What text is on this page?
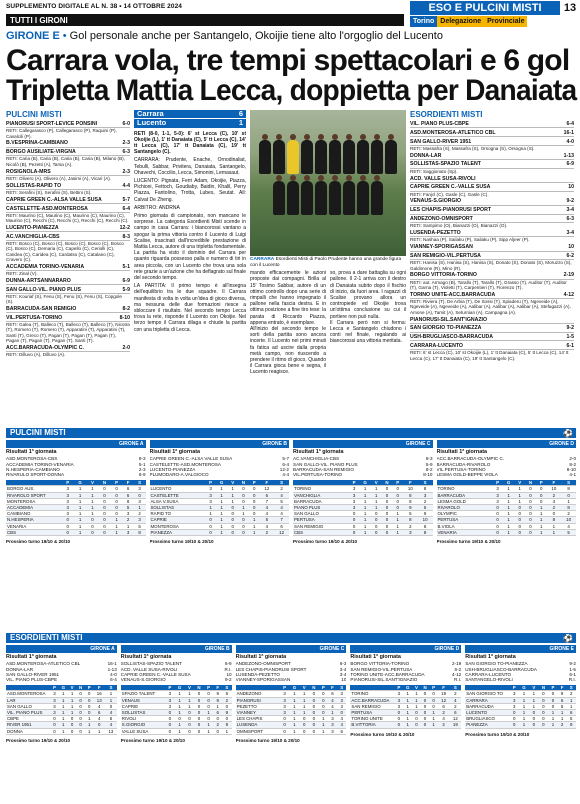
SUPPLEMENTO DIGITALE AL N. 38 • 14 OTTOBRE 2024
TUTTI I GIRONI
ESO E PULCINI MISTI	13
Torino Delegazione Provinciale
GIRONE E • Gol personale anche per Santangelo, Okoijie tiene alto l'orgoglio del Lucento
Carrara vola, tre tempi spettacolari e 6 gol
Tripletta Mattia Lecca, doppietta per Danaiata
PULCINI MISTI
PIANORUSI SPORT-LEVICE PONSINI	6-0
RETI: Callegarasco (P), Callegarasco (P), Raquini (P), Cavalcili (P).
B.VESPRINA-CAMBIANO	2-3
BORGO AUSILIATE-VIRGNA	6-3
RETI: Caria (B), Caria (B), Caria (B), Caria (B), Milano (B), Nicolò (B), Pezetti (A), Tarsa (A).
ROSIGNOLA-MRS	2-3
RETI: Olivero (A), Olivero (A), Jasimi (A), Vicari (A).
SOLLISTAS-RAPID TO	4-4
RETI: Serafini (S), Serafini (S), Bettini (S).
CAPRIE GREEN C.-ALSA VALLE SUSA	5-7
CASTELETTE-ASD.MONTEROSA	6-4
RETI: Maurino (C), Maurino (C), Maurino (C), Maurino (C), Maurino (C), Recchi (C), Recchi (C), Recchi (C), Recchi (C).
LUCENTO-PIANEZZA	12-2
AC.VANCHIGLIA-CBS	8-3
RETI: Bosco (C), Bosco (C), Bosco (C), Bosco (C), Bosco (C), Bosco (C), Demaria (C), Capello (C), Ceriolli (C), Caridea (C), Caridea (C), Cardatso (C), Catalano (C), Cravero (C).
ACCADEMIA TORINO-VENARIA	5-1
RETI: Zinal (V).
DUNNA-ARTSANNARARO	6-9
SAN GALLO-VIL. PIANO PLUS	5-9
RETI: Kouriaf (S), Fenu (S), Fenu (S), Fenu (S), Copgole (S).
BARRACUDA-SAN REMIGIO	8-2
VIL.PERTUSA-TORINO	8-10
RETI: Galea (T), Balleco (T), Balleco (T), Balleco (T), Nicotra (T), Romero (T), Romero (T), Apparatini (T), Apparatini (T), Santi (T), Greco (T), Pagan (T), Pagan (T), Pagan (T), Pagan (T), Pagan (T), Pagan (T), Santi (T).
ACC.BARRACUDA-OLYMPIC C.	2-0
RETI: Dilluvo (A), Dilluvo (A).
Carrara	6
Lucento	1
RETI (8-0, 1-1, 5-0): 6' st Lecca (C), 10' st Okoijie (L), 1' tt Danaiata (C), 5' tt Lecca (C), 14' tt Lecca (C), 17' tt Danaiata (C), 19' tt Santangelo (C).
CARRARA: Prudente, Enache, Ornodinaliat, Tebulli, Sabbar, Privitera, Danaiata, Santangelo, Ohavechi, Coccilio, Lecca, Simonini, Lemasaut.
LUCENTO: Pignata, Ferri Adam, Okoijie, Piazza, Pichioni, Fettoch, Goudiaby, Baidin, Khalil, Perry Piazza, Fantolino, Trotta, Lubes, Seutat. All: Calvat De Zheng.
ARBITRO: ANDRNA
Primo giornata di campionato, non mancano le sorprese. La categoria Esordienti Misti scende in campo in casa Carrara: i biancorossi vantano a spogar la prima vittoria contro il Lucento di Luigi Scalise, trascinati dall'incredibile prestazione di Mattia Lecca, autore di una tripletta fondamentale. La partita ha visto il dominio del Carrara per quanto riguarda possesso palla e numero di tiri in area piccola, con un Lucento che trova una sola rete grazie a un'azione che ha deflagrato sul finale del secondo tempo.
LA PARTITA: Il primo tempo è all'insegna dell'equilibrio tra le due squadre. Il Carrara manifesta di volta in volta un'idea di gioco diversa, ma nessuna delle due formazioni riesce a sbloccare il risultato. Nel secondo tempo Lecca trova la rete, risponde il Lucento con Okoijie. Nel terzo tempo il Carrara dilaga e chiude la partita con una tripletta di Lecca.
CARRARA Esordienti Misti di Paolo Prudente hanno una grande figura con il Lucento

mando efficacemente le azioni proposte dai compagni. Brilla al 15' Tosimo Sabbar, autore di un ottimo controllo dopo una serie di rimpalli che hanno impegnato il pallone nella fascia destra. E in ottima posizione a fine tiro tese: la parata di Riccardo Piazza, appena entrato, è esemplare.

All'inizio del secondo tempo le sorti della partita sono ancora incerte. Il Lucento nei primi minuti fa fatica ad uscire dalla propria metà campo, non riuscendo a prendere il ritmo di gioco. Quando il Carrara gioca bene e segna, il Lucento reagisce.

so, prova a dare battaglia su ogni pallone. Il 2-1 arriva con il destro di Danaiata subito dopo il fischio di inizio, da fuori area. I ragazzi di Scalise provano allora un contropiede ed Okoijie trova un'ottima conclusione su cui il portiere non può nulla.

Il Carrara però non si ferma: Lecca e Santangelo chiudono i conti nel finale, regalando ai biancorossi una vittoria meritata.

ESORDIENTI MISTI
VIL. PIANO PLUS-CBPE	6-4
ASD.MONTEROSA-ATLETICO CBL	16-1
SAN GALLO-RIVER 1951	4-0
RETI: Massafra (S), Massafra (S), Orsogna (S), Orsogna (S).
DONNA-LAR	1-13
SOLLISTAS-SPAZIO TALENT	6-9
RETI: Saggionato (Sp).
ACD. VALLE SUSA-RIVOLI
CAPRIE GREEN C.-VALLE SUSA	10
RETI: Fanjcl (C), Gasle (C), Gasle (C).
VENAUS-S.GIORGIO	9-2
LES CHAPIS-PIANORUSI SPORT	3-4
ANDEZONO-OMNISPORT	6-3
RETI: Sampimo (O), Bianazzi (O), Bianazzi (O).
LUSENDA-PEZETTO	3-4
RETI: Nashaa (P), Sailaku (P), Sailaku (P), Sipp Aljeer (P).
VIANNEY-SPORIGASSAN	10
SAN REMIGIO-VIL.PERTUSA	6-2
RETI: Hanisa (S), Hanisa (S), Hanisa (S), Donato (S), Donato (S), Moruzzo (S), Galdimone (R), Mino (R).
BORGO VITTORIA-TORINO	2-19
RETI: aut. Armago (B), Tarallo (T), Tarallo (T), Grasso (T), Auditor (T), Auditor (T), Garna (T), Violetti (T), Carpentieri (T), Fiorenzo (T).
TORINO UNITE-ACC.BARRACUDA	4-12
RETI: Riviera (T), De Arbia (T), De Sossi (T), Spiaderu (T), Ngeveide (A), Ngeveide (A), Ngeveide (A), Aalibar (A), Aalibar (A), Aalibar (A), Stefagazzi (A), Amone (A), Tamit (A), Seturnian (A), Campagna (A).
PIANORUSI-SIL.SANT'IGNAZIO
SAN GIORGIO TO-PIANEZZA	9-2
USH-BRUGLIASCO-BARRACUDA	1-5
CARRARA-LUCENTO	6-1
RETI: 6' st Lecca (C), 10' st Okoijie (L), 1' tt Danaiata (C), 5' tt Lecca (C), 14' tt Lecca (C), 17' tt Danaiata (C), 19' tt Santangelo (C).
PULCINI MISTI	⚽
GIRONE A
Risultati 1ª giornata
ASD.MONTEROSA-CBS	8-3
ACCADEMIA TORINO-VENARIA	5-1
N.HESPERIA-CAMBIANO	2-3
RIVARULO SPORT-DONNA	6-9
	P	G	V	N	P	F	S
BORGO AUS.	3	1	1	0	0	6	3
RIVAROLO SPORT	3	1	1	0	0	6	0
MONTEROSA	3	1	1	0	0	8	3
ACCADEMIA	3	1	1	0	0	5	1
CAMBIANO	3	1	1	0	0	3	2
N.HESPERIA	0	1	0	0	1	2	3
VENARIA	0	1	0	0	1	1	5
CBS	0	1	0	0	1	3	8
Prossimo turno 19/10 & 20/10
GIRONE B
Risultati 1ª giornata
CAPRIE GREEN C.-ALSA VALLE SUSA	5-7
CASTELETTE-ASD.MONTEROSA	6-4
LUCENTO-PIANEZZA	12-2
PLUMODARO-A.VALGIOCO	4-4
	P	G	V	N	P	F	S
LUCENTO	3	1	1	0	0	12	2
CASTELETTE	3	1	1	0	0	6	4
ALSA V.SUSA	3	1	1	0	0	7	5
SOLLISTAS	1	1	0	1	0	4	4
RAPID TO	1	1	0	1	0	4	4
CAPRIE	0	1	0	0	1	5	7
MONTEROSA	0	1	0	0	1	4	6
PIANEZZA	0	1	0	0	1	2	12
Prossimo turno 19/10 & 20/10
GIRONE C
Risultati 1ª giornata
AC.VANCHIGLIA-CBS	8-3
SAN GALLO-VIL. PIANO PLUS	5-9
BARRACUDA-SAN REMIGIO	8-2
VIL.PERTUSA-TORINO	8-10
	P	G	V	N	P	F	S
TORINO	3	1	1	0	0	10	8
VANCHIGLIA	3	1	1	0	0	8	3
BARRACUDA	3	1	1	0	0	8	2
PIANO PLUS	3	1	1	0	0	9	5
SAN GALLO	0	1	0	0	1	5	9
PERTUSA	0	1	0	0	1	8	10
SAN REMIGIO	0	1	0	0	1	2	8
CBS	0	1	0	0	1	3	8
Prossimo turno 19/10 & 20/10
GIRONE D
Risultati 1ª giornata
ACC.BARRACUDA-OLYMPIC C.	2-0
BARRACUDA-RIVAROLO	8-2
VIL.PERTUSA-TORINO	8-10
LESMA GOLD-BEPPE VIOLA	4-1
	P	G	V	N	P	F	S
TORINO	3	1	1	0	0	10	8
BARRACUDA	3	1	1	0	0	2	0
LESMA GOLD	3	1	1	0	0	4	1
RIVAROLO	0	1	0	0	1	2	8
OLYMPIC	0	1	0	0	1	0	2
PERTUSA	0	1	0	0	1	8	10
B.VIOLA	0	1	0	0	1	1	4
VENARIA	0	1	0	0	1	1	5
Prossimo turno 19/10 & 20/10
ESORDIENTI MISTI	⚽
GIRONE A
Risultati 1ª giornata
ASD.MONTEROSA-ATLETICO CBL	16-1
DONNA-LAR	1-13
SAN GALLO-RIVER 1951	4-0
VIL. PIANO PLUS-CBPE	6-4
	P	G	V	N	P	F	S
ASD.MONTEROSA	3	1	1	0	0	16	1
LAR	3	1	1	0	0	13	1
SAN GALLO	3	1	1	0	0	4	0
VIL. PIANO PLUS	3	1	1	0	0	6	4
CBPE	0	1	0	0	1	4	6
RIVER 1951	0	1	0	0	1	0	4
DONNA	0	1	0	0	1	1	13
Prossimo turno 19/10 & 20/10
GIRONE B
Risultati 1ª giornata
SOLLISTAS-SPAZIO TALENT	6-9
ACD. VALLE SUSA-RIVOLI	R.I.
CAPRIE GREEN C.-VALLE SUSA	10
VENAUS-S.GIORGIO	9-2
	P	G	V	N	P	F	S
SPAZIO TALENT	3	1	1	0	0	9	6
VENAUS	3	1	1	0	0	9	2
CAPRIE	3	1	1	0	0	1	0
SOLLISTAS	0	1	0	0	1	6	9
RIVOLI	0	0	0	0	0	0	0
S.GIORGIO	0	1	0	0	1	2	9
VALLE SUSA	0	1	0	0	1	0	1
Prossimo turno 19/10 & 20/10
GIRONE C
Risultati 1ª giornata
ANDEZONO-OMNISPORT	6-3
LES CHAPIS-PIANORUSI SPORT	3-4
LUSENDA-PEZETTO	3-4
VIANNEY-SPORIGASSAN	10
	P	G	V	N	P	F	S
ANDEZONO	3	1	1	0	0	6	3
PIANORUSI	3	1	1	0	0	4	3
PEZETTO	3	1	1	0	0	4	3
VIANNEY	3	1	1	0	0	1	0
LES CHAPIS	0	1	0	0	1	3	4
LUSENDA	0	1	0	0	1	3	4
OMNISPORT	0	1	0	0	1	3	6
Prossimo turno 19/10 & 20/10
GIRONE D
Risultati 1ª giornata
BORGO VITTORIA-TORINO	2-19
SAN REMIGIO-VIL.PERTUSA	6-2
TORINO UNITE-ACC.BARRACUDA	4-12
PIANORUSI-SIL.SANT'IGNAZIO	R.I.
	P	G	V	N	P	F	S
TORINO	3	1	1	0	0	19	2
ACC.BARRACUDA	3	1	1	0	0	12	4
SAN REMIGIO	3	1	1	0	0	6	2
PERTUSA	0	1	0	0	1	2	6
TORINO UNITE	0	1	0	0	1	4	12
B.VITTORIA	0	1	0	0	1	2	19
Prossimo turno 19/10 & 20/10
GIRONE E
Risultati 1ª giornata
SAN GIORGIO TO-PIANEZZA	9-2
USH-BRUGLIASCO-BARRACUDA	1-5
CARRARA-LUCENTO	6-1
SANTANGELO-RIVOLI	R.I.
	P	G	V	N	P	F	S
SAN GIORGIO TO	3	1	1	0	0	9	2
CARRARA	3	1	1	0	0	6	1
BARRACUDA	3	1	1	0	0	5	1
LUCENTO	0	1	0	0	1	1	6
BRUGLIASCO	0	1	0	0	1	1	5
PIANEZZA	0	1	0	0	1	2	9
Prossimo turno 19/10 & 20/10
